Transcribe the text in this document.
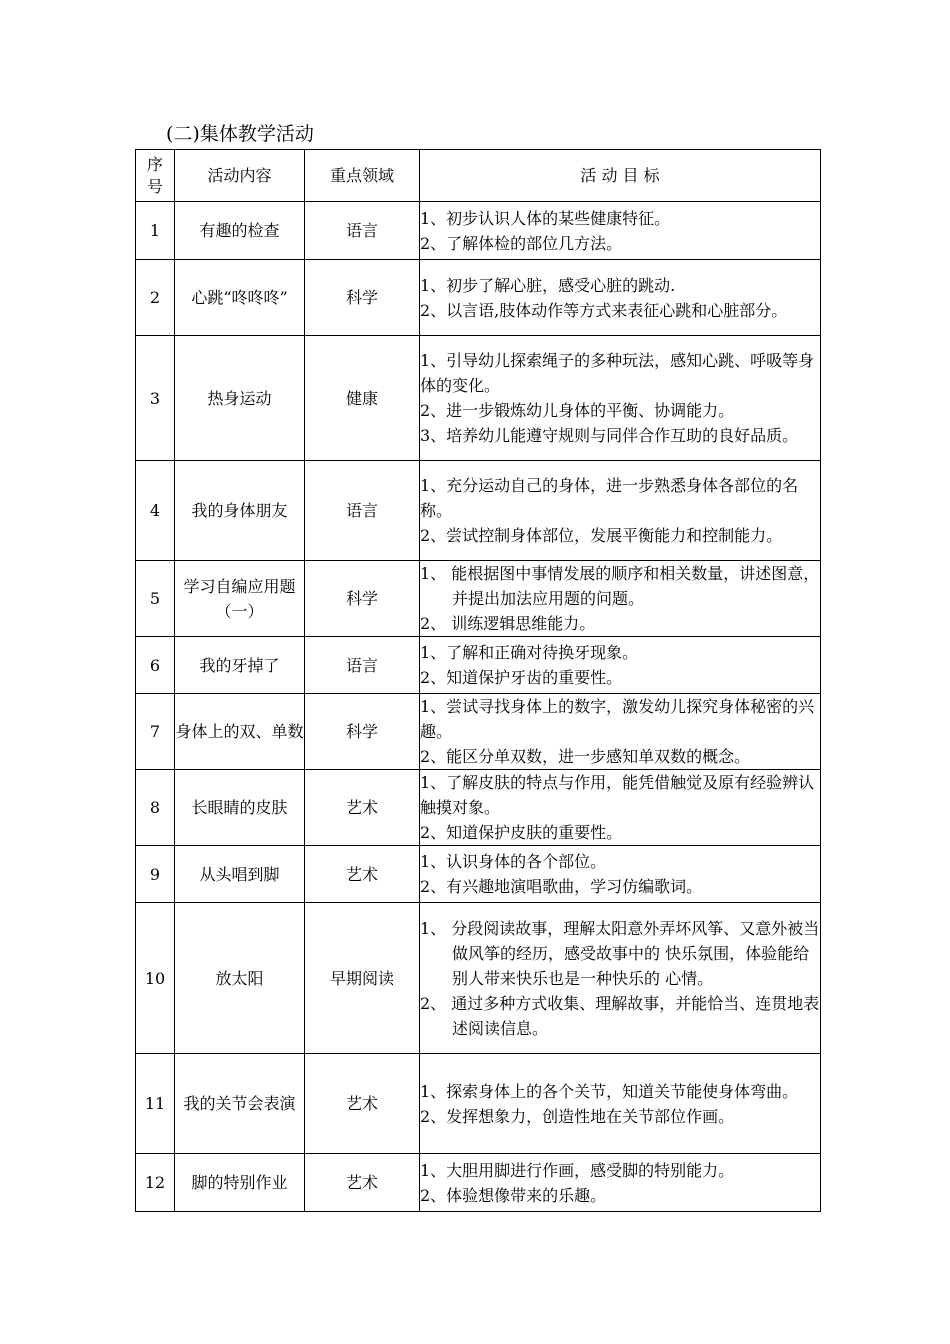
(二)集体教学活动
序
号	活动内容	重点领域	活 动 目 标
1	有趣的检查	语言	1、初步认识人体的某些健康特征。
2、了解体检的部位几方法。

2	心跳“咚咚咚”	科学	1、初步了解心脏，感受心脏的跳动.
2、以言语,肢体动作等方式来表征心跳和心脏部分。

3	热身运动	健康	1、引导幼儿探索绳子的多种玩法，感知心跳、呼吸等身体的变化。
2、进一步锻炼幼儿身体的平衡、协调能力。
3、培养幼儿能遵守规则与同伴合作互助的良好品质。

4	我的身体朋友	语言	1、充分运动自己的身体，进一步熟悉身体各部位的名称。
2、尝试控制身体部位，发展平衡能力和控制能力。

5	学习自编应用题（一）	科学	1、 能根据图中事情发展的顺序和相关数量，讲述图意，并提出加法应用题的问题。
2、 训练逻辑思维能力。

6	我的牙掉了	语言	1、了解和正确对待换牙现象。
2、知道保护牙齿的重要性。

7	身体上的双、单数	科学	1、尝试寻找身体上的数字，激发幼儿探究身体秘密的兴趣。
2、能区分单双数，进一步感知单双数的概念。

8	长眼睛的皮肤	艺术	1、了解皮肤的特点与作用，能凭借触觉及原有经验辨认触摸对象。
2、知道保护皮肤的重要性。

9	从头唱到脚	艺术	1、认识身体的各个部位。
2、有兴趣地演唱歌曲，学习仿编歌词。

10	放太阳	早期阅读	1、 分段阅读故事，理解太阳意外弄坏风筝、又意外被当做风筝的经历，感受故事中的 快乐氛围，体验能给别人带来快乐也是一种快乐的 心情。
2、 通过多种方式收集、理解故事，并能恰当、连贯地表述阅读信息。

11	我的关节会表演	艺术	1、探索身体上的各个关节，知道关节能使身体弯曲。
2、发挥想象力，创造性地在关节部位作画。

12	脚的特别作业	艺术	1、大胆用脚进行作画，感受脚的特别能力。
2、体验想像带来的乐趣。
